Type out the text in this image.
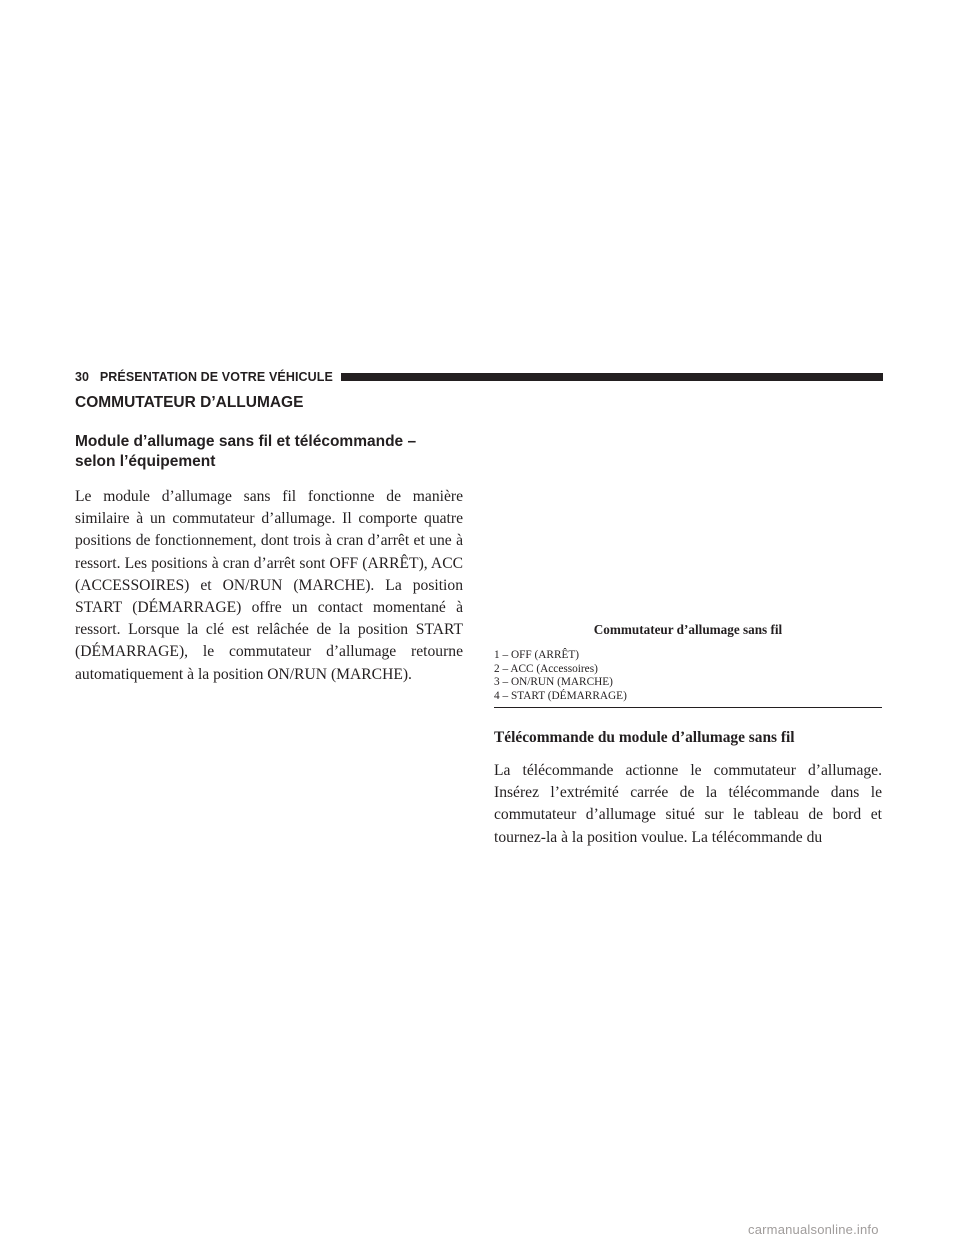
30 PRÉSENTATION DE VOTRE VÉHICULE
COMMUTATEUR D’ALLUMAGE
Module d’allumage sans fil et télécommande – selon l’équipement

Le module d’allumage sans fil fonctionne de manière similaire à un commutateur d’allumage. Il comporte quatre positions de fonctionnement, dont trois à cran d’arrêt et une à ressort. Les positions à cran d’arrêt sont OFF (ARRÊT), ACC (ACCESSOIRES) et ON/RUN (MARCHE). La position START (DÉMARRAGE) offre un contact momentané à ressort. Lorsque la clé est relâchée de la position START (DÉMARRAGE), le commutateur d’allumage retourne automatiquement à la position ON/RUN (MARCHE).

Commutateur d’allumage sans fil

1 – OFF (ARRÊT)
2 – ACC (Accessoires)
3 – ON/RUN (MARCHE)
4 – START (DÉMARRAGE)
Télécommande du module d’allumage sans fil

La télécommande actionne le commutateur d’allumage. Insérez l’extrémité carrée de la télécommande dans le commutateur d’allumage situé sur le tableau de bord et tournez-la à la position voulue. La télécommande du

carmanualsonline.info
